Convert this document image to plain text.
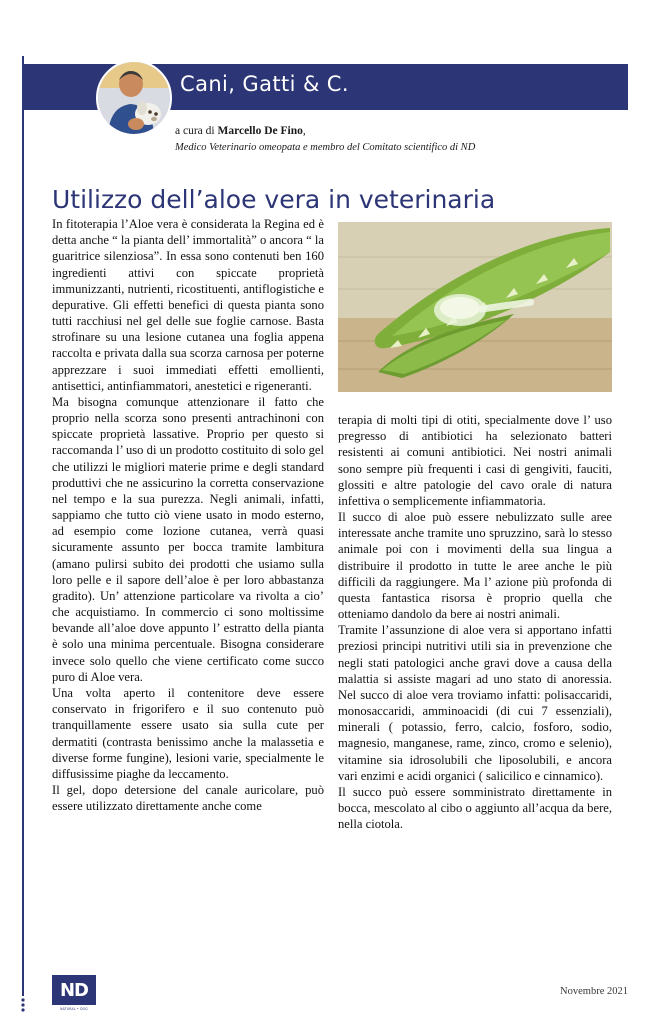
Cani, Gatti & C.
a cura di Marcello De Fino,
Medico Veterinario omeopata e membro del Comitato scientifico di ND
Utilizzo dell’aloe vera in veterinaria

In fitoterapia l’Aloe vera è considerata la Regina ed è detta anche “ la pianta dell’ immortalità” o ancora “ la guaritrice silenziosa”. In essa sono contenuti ben 160 ingredienti attivi con spiccate proprietà immunizzanti, nutrienti, ricostituenti, antiflogistiche e depurative. Gli effetti benefici di questa pianta sono tutti racchiusi nel gel delle sue foglie carnose. Basta strofinare su una lesione cutanea una foglia appena raccolta e privata dalla sua scorza carnosa per poterne apprezzare i suoi immediati effetti emollienti, antisettici, antinfiammatori, anestetici e rigeneranti.

Ma bisogna comunque attenzionare il fatto che proprio nella scorza sono presenti antrachinoni con spiccate proprietà lassative. Proprio per questo si raccomanda l’ uso di un prodotto costituito di solo gel che utilizzi le migliori materie prime e degli standard produttivi che ne assicurino la corretta conservazione nel tempo e la sua purezza. Negli animali, infatti, sappiamo che tutto ciò viene usato in modo esterno, ad esempio come lozione cutanea, verrà quasi sicuramente assunto per bocca tramite lambitura (amano pulirsi subito dei prodotti che usiamo sulla loro pelle e il sapore dell’aloe è per loro abbastanza gradito). Un’ attenzione particolare va rivolta a cio’ che acquistiamo. In commercio ci sono moltissime bevande all’aloe dove appunto l’ estratto della pianta è solo una minima percentuale. Bisogna considerare invece solo quello che viene certificato come succo puro di Aloe vera.

Una volta aperto il contenitore deve essere conservato in frigorifero e il suo contenuto può tranquillamente essere usato sia sulla cute per dermatiti (contrasta benissimo anche la malassetia e diverse forme fungine), lesioni varie, specialmente le diffusissime piaghe da leccamento.

Il gel, dopo detersione del canale auricolare, può essere utilizzato direttamente anche come

terapia di molti tipi di otiti, specialmente dove l’ uso pregresso di antibiotici ha selezionato batteri resistenti ai comuni antibiotici. Nei nostri animali sono sempre più frequenti i casi di gengiviti, fauciti, glossiti e altre patologie del cavo orale di natura infettiva o semplicemente infiammatoria.

Il succo di aloe può essere nebulizzato sulle aree interessate anche tramite uno spruzzino, sarà lo stesso animale poi con i movimenti della sua lingua a distribuire il prodotto in tutte le aree anche le più difficili da raggiungere. Ma l’ azione più profonda di questa fantastica risorsa è proprio quella che otteniamo dandolo da bere ai nostri animali.

Tramite l’assunzione di aloe vera si apportano infatti preziosi principi nutritivi utili sia in prevenzione che negli stati patologici anche gravi dove a causa della malattia si assiste magari ad uno stato di anoressia. Nel succo di aloe vera troviamo infatti: polisaccaridi, monosaccaridi, amminoacidi (di cui 7 essenziali), minerali ( potassio, ferro, calcio, fosforo, sodio, magnesio, manganese, rame, zinco, cromo e selenio), vitamine sia idrosolubili che liposolubili, e ancora vari enzimi e acidi organici ( salicilico e cinnamico).

Il succo può essere somministrato direttamente in bocca, mescolato al cibo o aggiunto all’acqua da bere, nella ciotola.

ND
NATURAL • DOG
Novembre 2021
